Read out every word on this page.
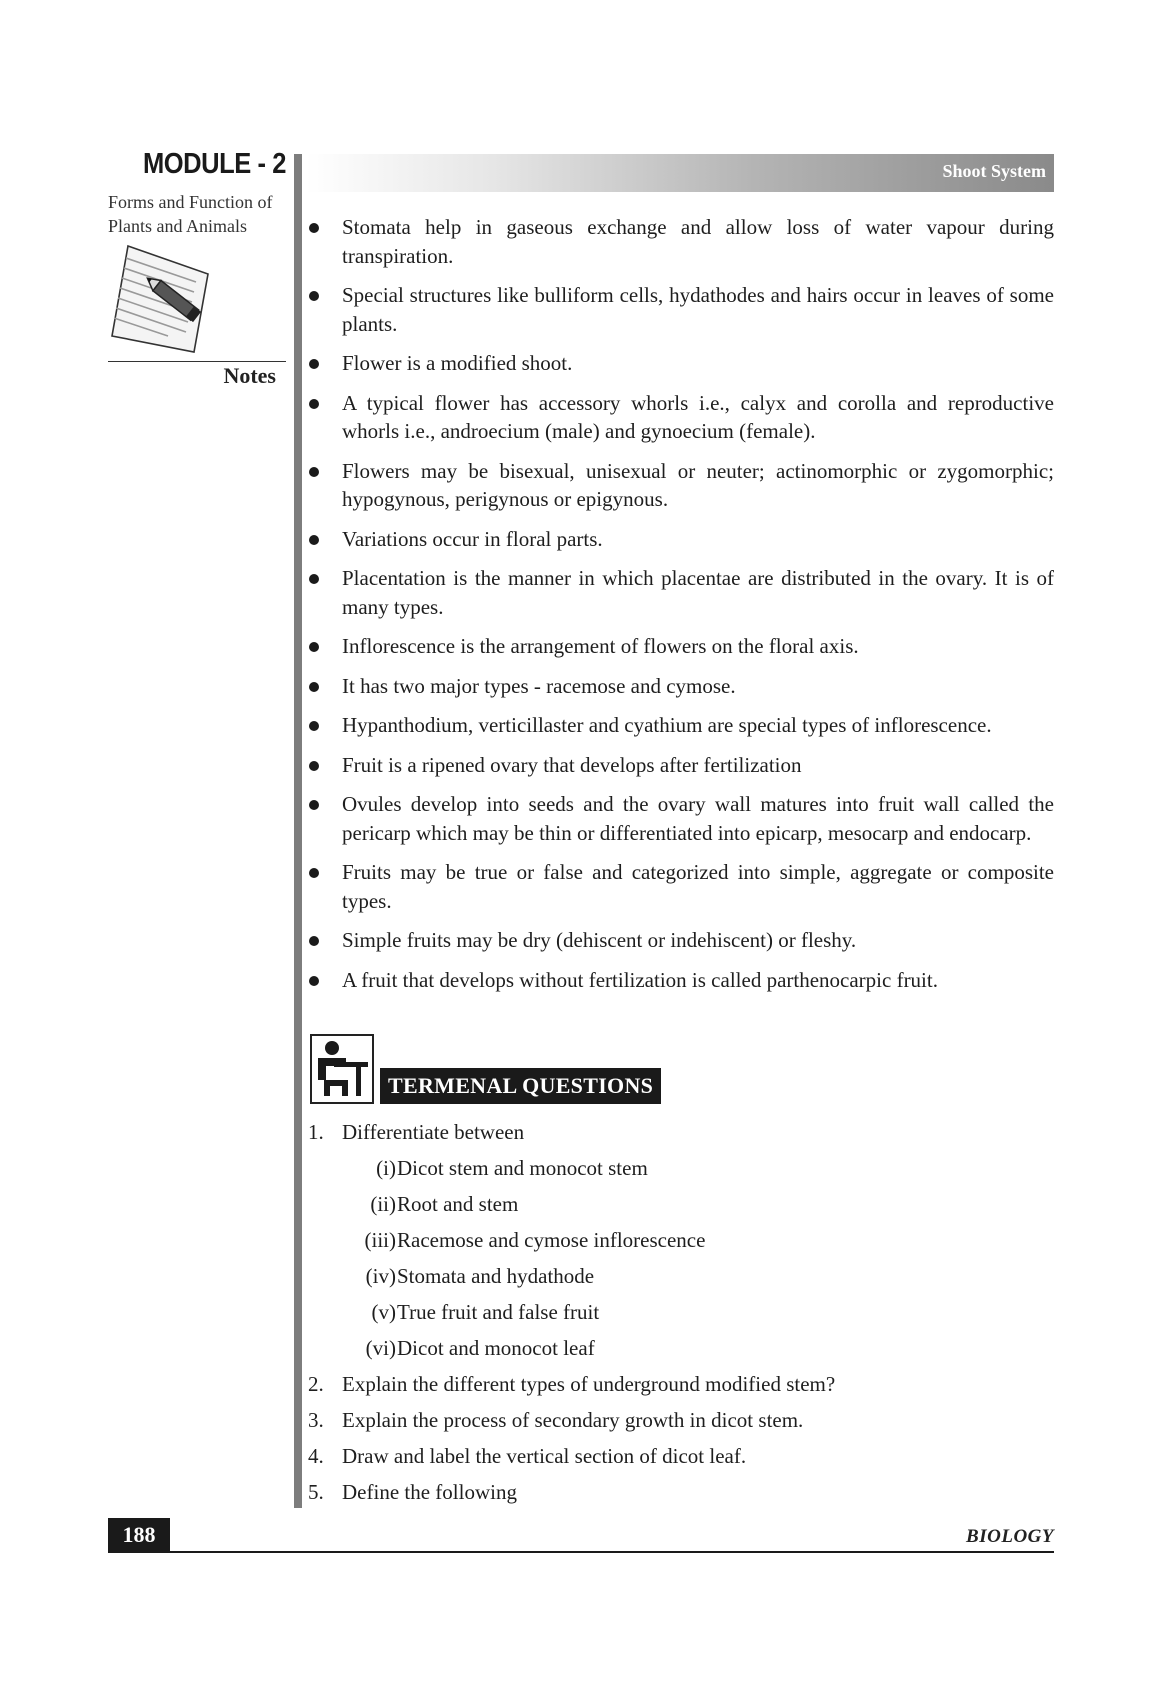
MODULE - 2
Forms and Function of Plants and Animals
Notes
Shoot System
Stomata help in gaseous exchange and allow loss of water vapour during transpiration.
Special structures like bulliform cells, hydathodes and hairs occur in leaves of some plants.
Flower is a modified shoot.
A typical flower has accessory whorls i.e., calyx and corolla and reproductive whorls i.e., androecium (male) and gynoecium (female).
Flowers may be bisexual, unisexual or neuter; actinomorphic or zygomorphic; hypogynous, perigynous or epigynous.
Variations occur in floral parts.
Placentation is the manner in which placentae are distributed in the ovary. It is of many types.
Inflorescence is the arrangement of flowers on the floral axis.
It has two major types - racemose and cymose.
Hypanthodium, verticillaster and cyathium are special types of inflorescence.
Fruit is a ripened ovary that develops after fertilization
Ovules develop into seeds and the ovary wall matures into fruit wall called the pericarp which may be thin or differentiated into epicarp, mesocarp and endocarp.
Fruits may be true or false and categorized into simple, aggregate or composite types.
Simple fruits may be dry (dehiscent or indehiscent) or fleshy.
A fruit that develops without fertilization is called parthenocarpic fruit.
TERMENAL QUESTIONS
1. Differentiate between
(i) Dicot stem and monocot stem
(ii) Root and stem
(iii) Racemose and cymose inflorescence
(iv) Stomata and hydathode
(v) True fruit and false fruit
(vi) Dicot and monocot leaf
2. Explain the different types of underground modified stem?
3. Explain the process of secondary growth in dicot stem.
4. Draw and label the vertical section of dicot leaf.
5. Define the following
188	BIOLOGY
